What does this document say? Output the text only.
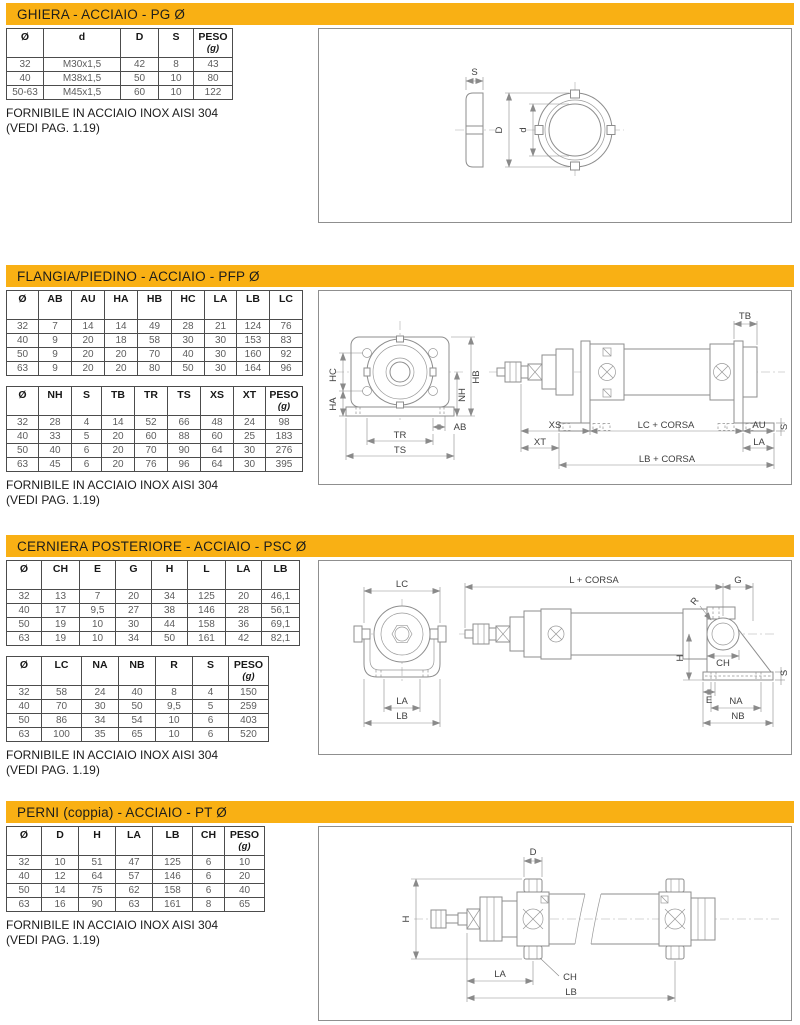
GHIERA - ACCIAIO - PG Ø
Ø	d	D	S	PESO
(g)

32	M30x1,5	42	8	43
40	M38x1,5	50	10	80
50-63	M45x1,5	60	10	122
FORNIBILE IN ACCIAIO INOX AISI 304
(VEDI PAG. 1.19)
S
D d
FLANGIA/PIEDINO - ACCIAIO - PFP Ø
Ø	AB	AU	HA	HB	HC	LA	LB	LC

32	7	14	14	49	28	21	124	76
40	9	20	18	58	30	30	153	83
50	9	20	20	70	40	30	160	92
63	9	20	20	80	50	30	164	96
Ø	NH	S	TB	TR	TS	XS	XT	PESO
(g)

32	28	4	14	52	66	48	24	98
40	33	5	20	60	88	60	25	183
50	40	6	20	70	90	64	30	276
63	45	6	20	76	96	64	30	395
FORNIBILE IN ACCIAIO INOX AISI 304
(VEDI PAG. 1.19)
HC
HA
HB
NH
AB
TR
TS
TB
XS	LC + CORSA	AU S
XT	LA
LB + CORSA
CERNIERA POSTERIORE - ACCIAIO - PSC Ø
Ø	CH	E	G	H	L	LA	LB

32	13	7	20	34	125	20	46,1
40	17	9,5	27	38	146	28	56,1
50	19	10	30	44	158	36	69,1
63	19	10	34	50	161	42	82,1
Ø	LC	NA	NB	R	S	PESO
(g)

32	58	24	40	8	4	150
40	70	30	50	9,5	5	259
50	86	34	54	10	6	403
63	100	35	65	10	6	520
FORNIBILE IN ACCIAIO INOX AISI 304
(VEDI PAG. 1.19)
LC
LA
LB
L + CORSA	G
R
H	CH
E NA
NB
S
PERNI (coppia) - ACCIAIO - PT Ø
Ø	D	H	LA	LB	CH	PESO
(g)

32	10	51	47	125	6	10
40	12	64	57	146	6	20
50	14	75	62	158	6	40
63	16	90	63	161	8	65
FORNIBILE IN ACCIAIO INOX AISI 304
(VEDI PAG. 1.19)
D
H
LA	CH
LB
